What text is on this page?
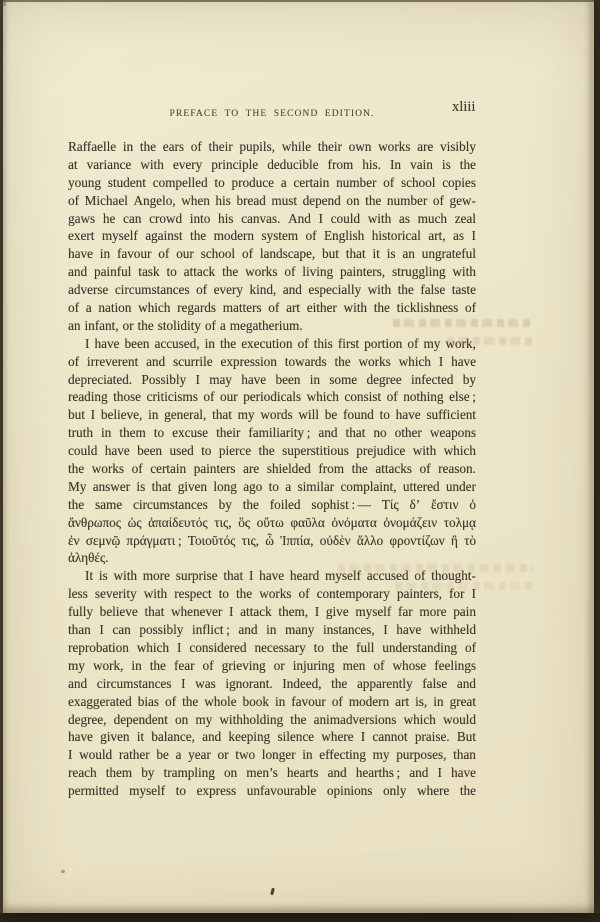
PREFACE TO THE SECOND EDITION.	xliii
Raffaelle in the ears of their pupils, while their own works are visibly
at variance with every principle deducible from his. In vain is the
young student compelled to produce a certain number of school copies
of Michael Angelo, when his bread must depend on the number of gew-
gaws he can crowd into his canvas. And I could with as much zeal
exert myself against the modern system of English historical art, as I
have in favour of our school of landscape, but that it is an ungrateful
and painful task to attack the works of living painters, struggling with
adverse circumstances of every kind, and especially with the false taste
of a nation which regards matters of art either with the ticklishness of
an infant, or the stolidity of a megatherium.
I have been accused, in the execution of this first portion of my work,
of irreverent and scurrile expression towards the works which I have
depreciated. Possibly I may have been in some degree infected by
reading those criticisms of our periodicals which consist of nothing else ;
but I believe, in general, that my words will be found to have sufficient
truth in them to excuse their familiarity ; and that no other weapons
could have been used to pierce the superstitious prejudice with which
the works of certain painters are shielded from the attacks of reason.
My answer is that given long ago to a similar complaint, uttered under
the same circumstances by the foiled sophist : — Τίς δ’ ἔστιν ὁ
ἄνθρωπος ὡς ἀπαίδευτός τις, ὃς οὕτω φαῦλα ὀνόματα ὀνομάζειν τολμᾳ
ἐν σεμνῷ πράγματι ; Τοιοῦτός τις, ὦ Ἱππία, οὐδὲν ἄλλο φροντίζων ἢ τὸ
ἀληθές.
It is with more surprise that I have heard myself accused of thought-
less severity with respect to the works of contemporary painters, for I
fully believe that whenever I attack them, I give myself far more pain
than I can possibly inflict ; and in many instances, I have withheld
reprobation which I considered necessary to the full understanding of
my work, in the fear of grieving or injuring men of whose feelings
and circumstances I was ignorant. Indeed, the apparently false and
exaggerated bias of the whole book in favour of modern art is, in great
degree, dependent on my withholding the animadversions which would
have given it balance, and keeping silence where I cannot praise. But
I would rather be a year or two longer in effecting my purposes, than
reach them by trampling on men’s hearts and hearths ; and I have
permitted myself to express unfavourable opinions only where the
